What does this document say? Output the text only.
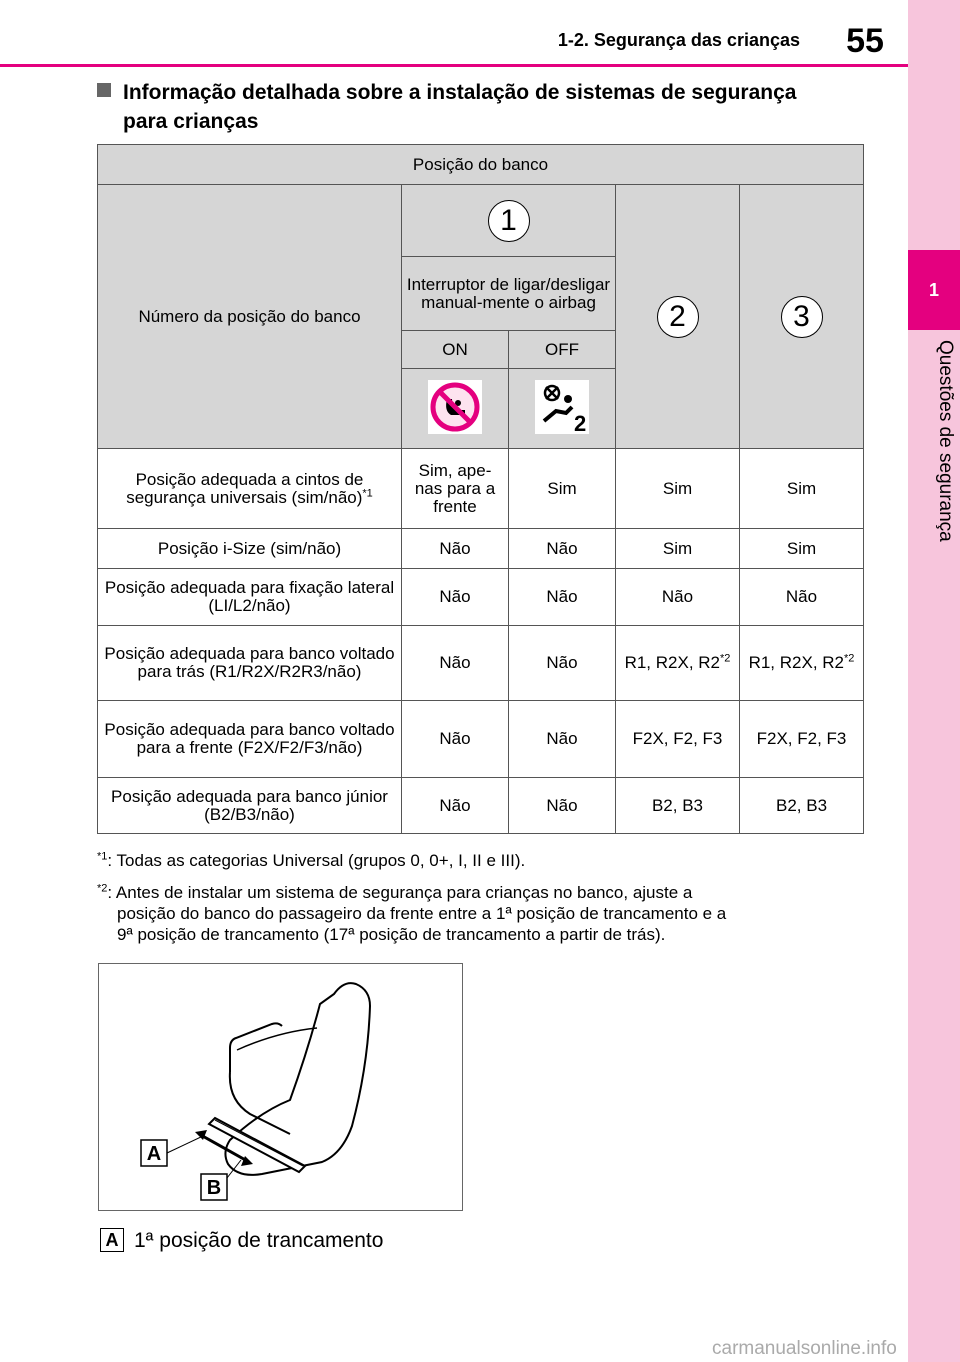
1-2. Segurança das crianças	55
1
Questões de segurança
Informação detalhada sobre a instalação de sistemas de segurança
para crianças
Posição do banco				
Número da posição do banco	1		2	3
	Interruptor de ligar/desligar manual-mente o airbag			
	ON	OFF		

2		

Posição adequada a cintos de segurança universais (sim/não)$^{*1}$	Sim, ape-nas para a frente	Sim	Sim	Sim
Posição i-Size (sim/não)	Não	Não	Sim	Sim
Posição adequada para fixação lateral (LI/L2/não)	Não	Não	Não	Não
Posição adequada para banco voltado para trás (R1/R2X/R2R3/não)	Não	Não	R1, R2X, R2$^{*2}$	R1, R2X, R2$^{*2}$
Posição adequada para banco voltado para a frente (F2X/F2/F3/não)	Não	Não	F2X, F2, F3	F2X, F2, F3
Posição adequada para banco júnior (B2/B3/não)	Não	Não	B2, B3	B2, B3
$^{*1}$: Todas as categorias Universal (grupos 0, 0+, I, II e III).
$^{*2}$: Antes de instalar um sistema de segurança para crianças no banco, ajuste a
posição do banco do passageiro da frente entre a 1ª posição de trancamento e a
9ª posição de trancamento (17ª posição de trancamento a partir de trás).
A
B
A 1ª posição de trancamento
carmanualsonline.info
